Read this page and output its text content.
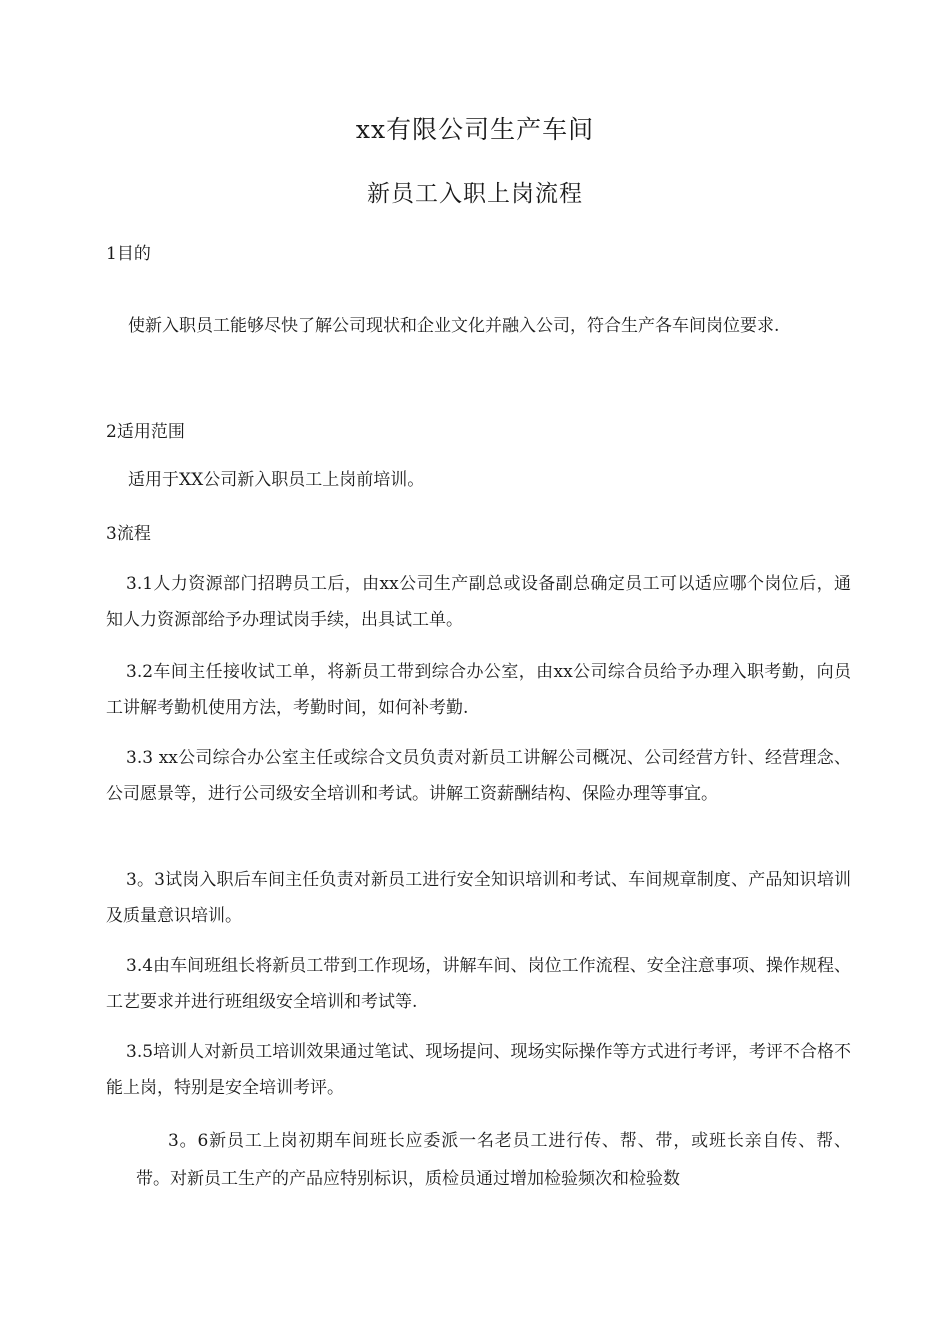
xx有限公司生产车间
新员工入职上岗流程

1目的

使新入职员工能够尽快了解公司现状和企业文化并融入公司，符合生产各车间岗位要求.

2适用范围

适用于XX公司新入职员工上岗前培训。

3流程

3.1人力资源部门招聘员工后，由xx公司生产副总或设备副总确定员工可以适应哪个岗位后，通知人力资源部给予办理试岗手续，出具试工单。

3.2车间主任接收试工单，将新员工带到综合办公室，由xx公司综合员给予办理入职考勤，向员工讲解考勤机使用方法，考勤时间，如何补考勤.

3.3 xx公司综合办公室主任或综合文员负责对新员工讲解公司概况、公司经营方针、经营理念、公司愿景等，进行公司级安全培训和考试。讲解工资薪酬结构、保险办理等事宜。

3。3试岗入职后车间主任负责对新员工进行安全知识培训和考试、车间规章制度、产品知识培训及质量意识培训。

3.4由车间班组长将新员工带到工作现场，讲解车间、岗位工作流程、安全注意事项、操作规程、工艺要求并进行班组级安全培训和考试等.

3.5培训人对新员工培训效果通过笔试、现场提问、现场实际操作等方式进行考评，考评不合格不能上岗，特别是安全培训考评。

3。6新员工上岗初期车间班长应委派一名老员工进行传、帮、带，或班长亲自传、帮、带。对新员工生产的产品应特别标识，质检员通过增加检验频次和检验数
